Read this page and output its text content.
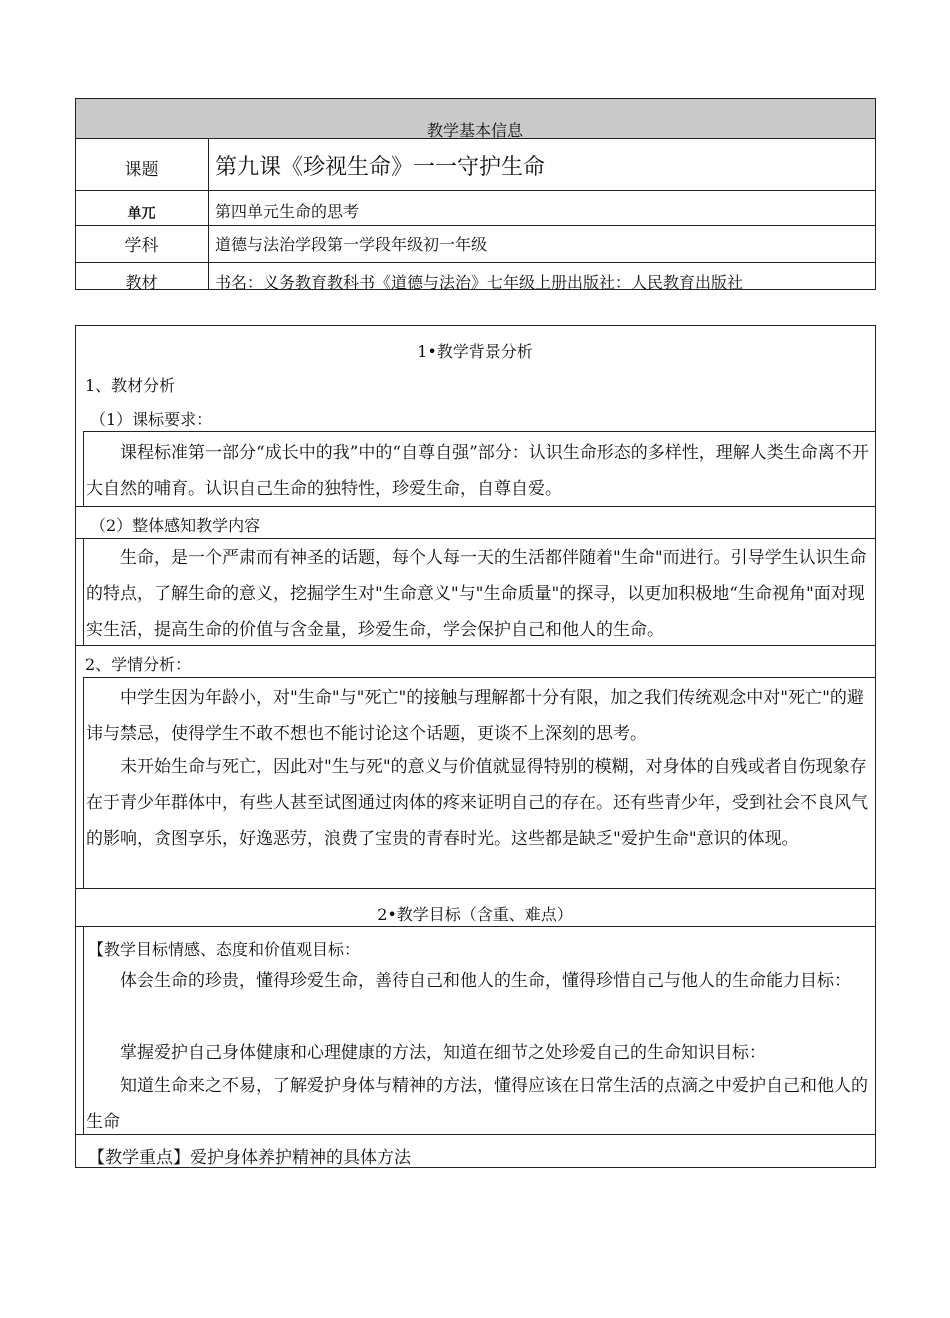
教学基本信息
课题	第九课《珍视生命》一一守护生命
单兀	第四单元生命的思考
学科	道德与法治学段第一学段年级初一年级
教材	书名：义务教育教科书《道德与法治》七年级上册出版社：人民教育出版社
1•教学背景分析
1、教材分析
（1）课标要求：
课程标准第一部分“成长中的我”中的“自尊自强”部分：认识生命形态的多样性，理解人类生命离不开大自然的哺育。认识自己生命的独特性，珍爱生命，自尊自爱。
（2）整体感知教学内容
生命，是一个严肃而有神圣的话题，每个人每一天的生活都伴随着"生命"而进行。引导学生认识生命的特点，了解生命的意义，挖掘学生对"生命意义"与"生命质量"的探寻，以更加积极地“生命视角"面对现实生活，提高生命的价值与含金量，珍爱生命，学会保护自己和他人的生命。
2、学情分析：
中学生因为年龄小，对"生命"与"死亡"的接触与理解都十分有限，加之我们传统观念中对"死亡"的避讳与禁忌，使得学生不敢不想也不能讨论这个话题，更谈不上深刻的思考。
未开始生命与死亡，因此对"生与死"的意义与价值就显得特别的模糊，对身体的自残或者自伤现象存在于青少年群体中，有些人甚至试图通过肉体的疼来证明自己的存在。还有些青少年，受到社会不良风气的影响，贪图享乐，好逸恶劳，浪费了宝贵的青春时光。这些都是缺乏"爱护生命"意识的体现。
2•教学目标（含重、难点）
【教学目标情感、态度和价值观目标：
体会生命的珍贵，懂得珍爱生命，善待自己和他人的生命，懂得珍惜自己与他人的生命能力目标：
掌握爱护自己身体健康和心理健康的方法，知道在细节之处珍爱自己的生命知识目标：
知道生命来之不易，了解爱护身体与精神的方法，懂得应该在日常生活的点滴之中爱护自己和他人的生命
【教学重点】爱护身体养护精神的具体方法
